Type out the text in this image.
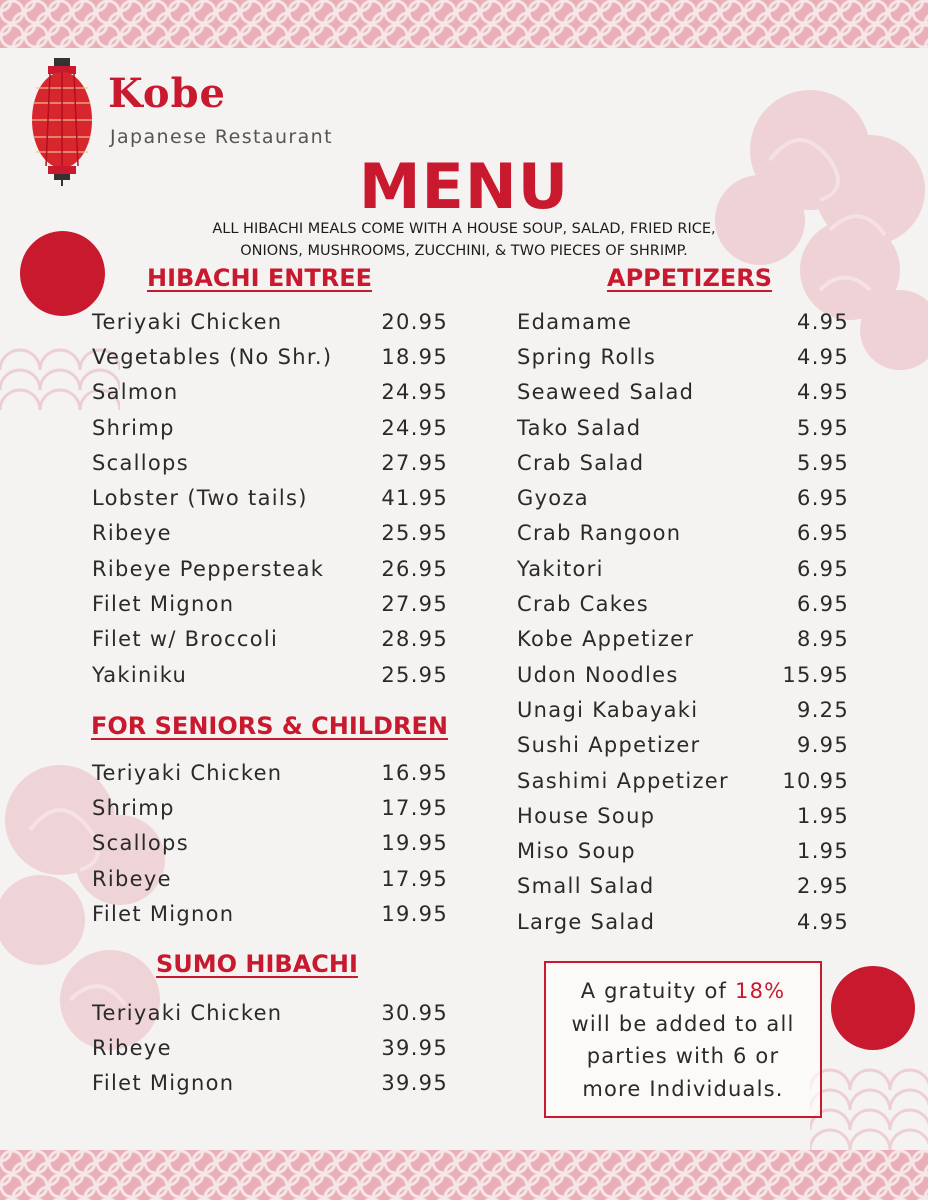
Kobe
Japanese Restaurant
MENU
ALL HIBACHI MEALS COME WITH A HOUSE SOUP, SALAD, FRIED RICE,
ONIONS, MUSHROOMS, ZUCCHINI, & TWO PIECES OF SHRIMP.
HIBACHI ENTREE
Teriyaki Chicken	20.95
Vegetables (No Shr.) 18.95
Salmon	24.95
Shrimp	24.95
Scallops	27.95
Lobster (Two tails)	41.95
Ribeye	25.95
Ribeye Peppersteak	26.95
Filet Mignon	27.95
Filet w/ Broccoli	28.95
Yakiniku	25.95
FOR SENIORS & CHILDREN
Teriyaki Chicken	16.95
Shrimp	17.95
Scallops	19.95
Ribeye	17.95
Filet Mignon	19.95
SUMO HIBACHI
Teriyaki Chicken	30.95
Ribeye	39.95
Filet Mignon	39.95
APPETIZERS
Edamame	4.95
Spring Rolls	4.95
Seaweed Salad	4.95
Tako Salad	5.95
Crab Salad	5.95
Gyoza	6.95
Crab Rangoon	6.95
Yakitori	6.95
Crab Cakes	6.95
Kobe Appetizer	8.95
Udon Noodles	15.95
Unagi Kabayaki	9.25
Sushi Appetizer	9.95
Sashimi Appetizer	10.95
House Soup	1.95
Miso Soup	1.95
Small Salad	2.95
Large Salad	4.95
A gratuity of 18%
will be added to all
parties with 6 or
more Individuals.
